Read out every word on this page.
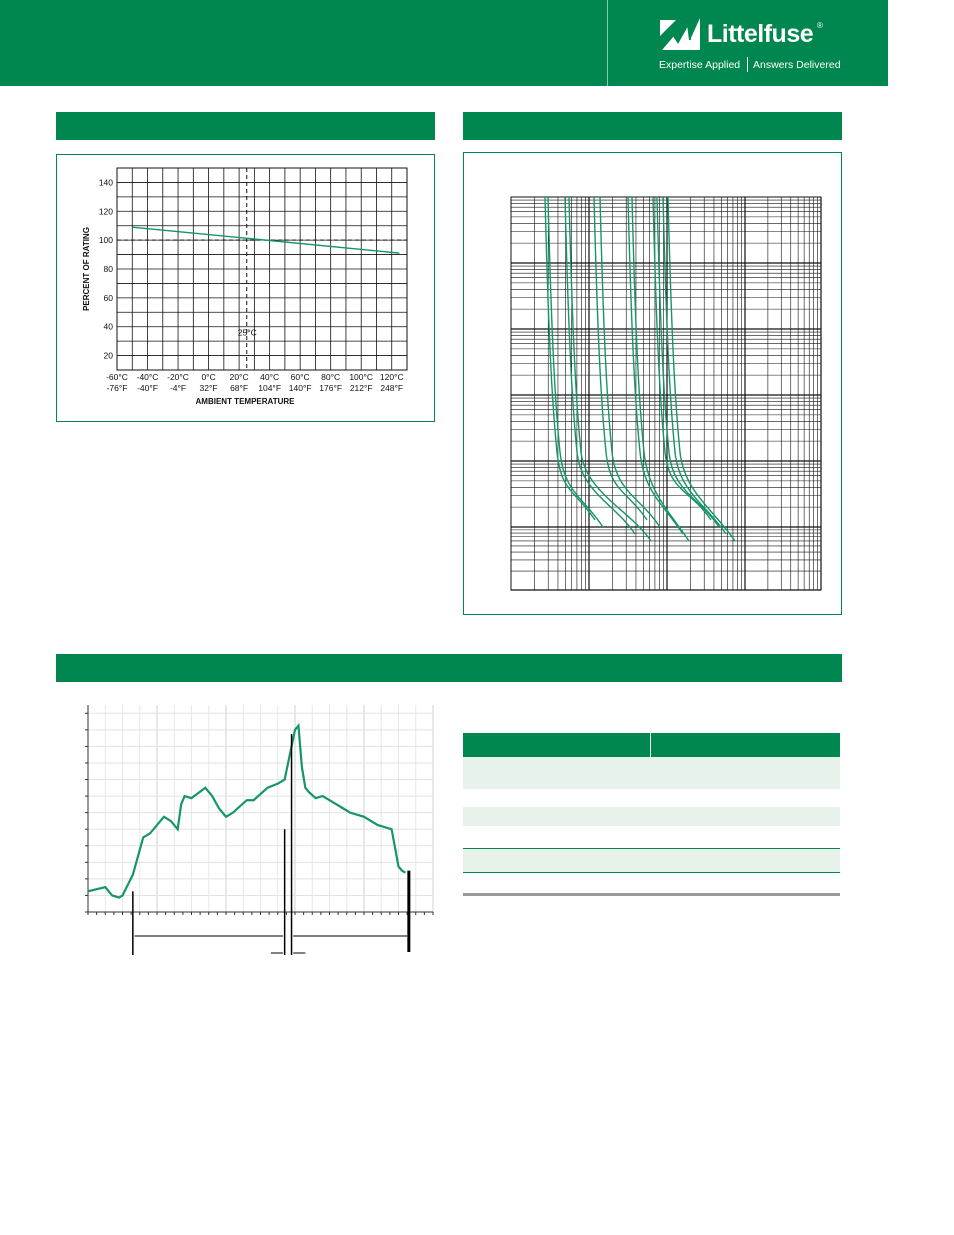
Littelfuse ®
Expertise Applied Answers Delivered
20
40
60
80
100
120
140
-60°C
-76°F
-40°C
-40°F
-20°C
-4°F
0°C
32°F
20°C
68°F
40°C
104°F
60°C
140°F
80°C
176°F
100°C
212°F
120°C
248°F
25°C
PERCENT OF RATING
AMBIENT TEMPERATURE
